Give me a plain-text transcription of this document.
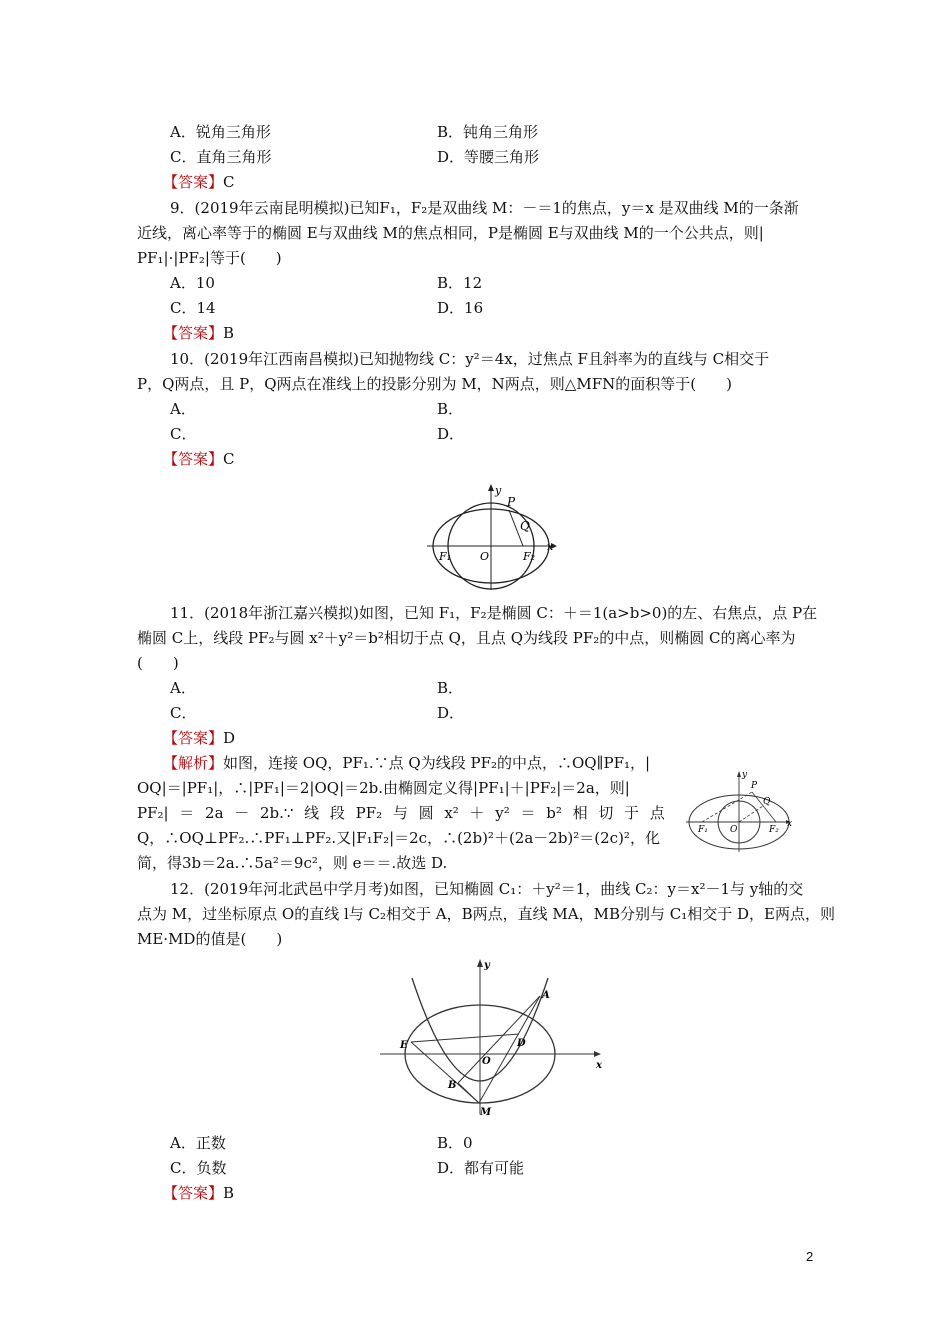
A．锐角三角形	B．钝角三角形
C．直角三角形	D．等腰三角形
【答案】C
9．(2019年云南昆明模拟)已知F₁，F₂是双曲线 M：－＝1的焦点，y＝x 是双曲线 M的一条渐
近线，离心率等于的椭圆 E与双曲线 M的焦点相同，P是椭圆 E与双曲线 M的一个公共点，则|
PF₁|·|PF₂|等于(　　)
A．10	B．12
C．14	D．16
【答案】B
10．(2019年江西南昌模拟)已知抛物线 C：y²＝4x，过焦点 F且斜率为的直线与 C相交于
P，Q两点，且 P，Q两点在准线上的投影分别为 M，N两点，则△MFN的面积等于(　　)
A．	B．
C．	D．
【答案】C
y
x
P
Q
O
F₁	F₂
11．(2018年浙江嘉兴模拟)如图，已知 F₁，F₂是椭圆 C：＋＝1(a>b>0)的左、右焦点，点 P在
椭圆 C上，线段 PF₂与圆 x²＋y²＝b²相切于点 Q，且点 Q为线段 PF₂的中点，则椭圆 C的离心率为
(　　)
A．	B．
C．	D．
【答案】D
【解析】如图，连接 OQ，PF₁.∵点 Q为线段 PF₂的中点，∴OQ∥PF₁，|
OQ|＝|PF₁|，∴|PF₁|＝2|OQ|＝2b.由椭圆定义得|PF₁|＋|PF₂|＝2a，则|
PF₂| ＝ 2a － 2b.∵ 线 段 PF₂ 与 圆 x² ＋ y² ＝ b² 相 切 于 点
Q，∴OQ⊥PF₂.∴PF₁⊥PF₂.又|F₁F₂|＝2c，∴(2b)²＋(2a－2b)²＝(2c)²，化
简，得3b＝2a.∴5a²＝9c²，则 e＝＝.故选 D.
y
x
P
Q
O
F₁	F₂
12．(2019年河北武邑中学月考)如图，已知椭圆 C₁：＋y²＝1，曲线 C₂：y＝x²－1与 y轴的交
点为 M，过坐标原点 O的直线 l与 C₂相交于 A，B两点，直线 MA，MB分别与 C₁相交于 D，E两点，则
ME·MD的值是(　　)
y
x
A
D
E
O
B
M
A．正数	B．0
C．负数	D．都有可能
【答案】B
2
